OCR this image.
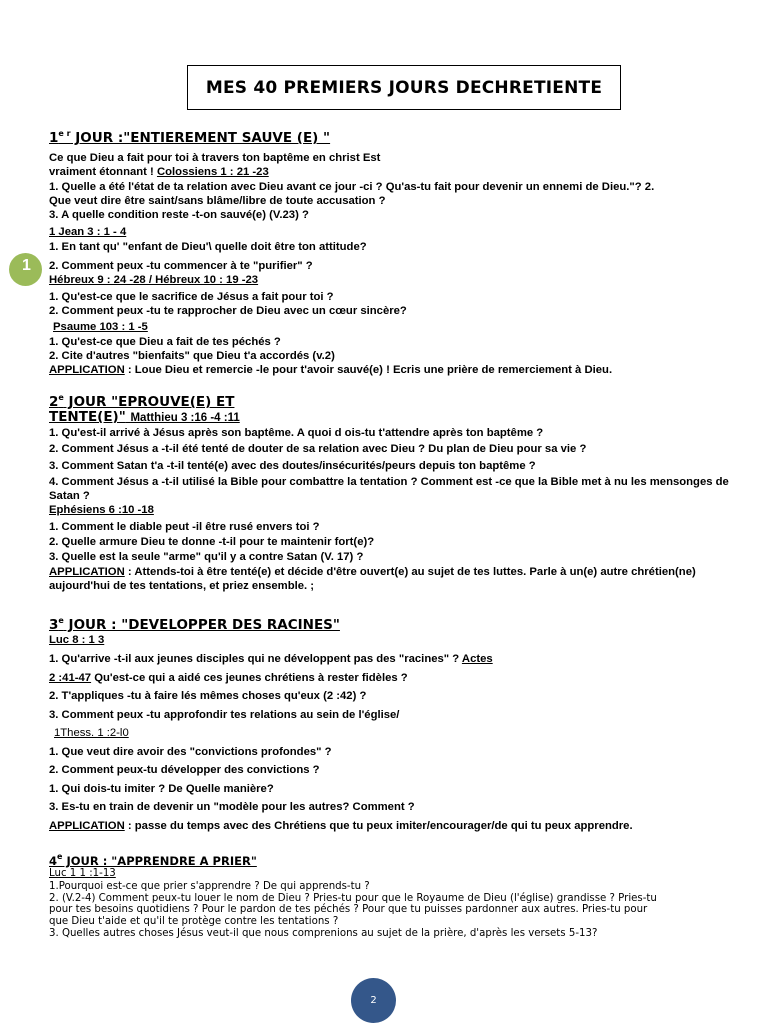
MES 40 PREMIERS JOURS DECHRETIENTE
1
$1^{e r}$ JOUR :"ENTIEREMENT SAUVE (E) "
Ce que Dieu a fait pour toi à travers ton baptême en christ Est
vraiment étonnant ! Colossiens 1 : 21 -23
1. Quelle a été l'état de ta relation avec Dieu avant ce jour -ci ? Qu'as-tu fait pour devenir un ennemi de Dieu."? 2.
Que veut dire être saint/sans blâme/libre de toute accusation ?
3. A quelle condition reste -t-on sauvé(e) (V.23) ?
1 Jean 3 : 1 - 4
1. En tant qu' "enfant de Dieu'\ quelle doit être ton attitude?
2. Comment peux -tu commencer à te "purifier" ?
Hébreux 9 : 24 -28 / Hébreux 10 : 19 -23
1. Qu'est-ce que le sacrifice de Jésus a fait pour toi ?
2. Comment peux -tu te rapprocher de Dieu avec un cœur sincère?
Psaume 103 : 1 -5
1. Qu'est-ce que Dieu a fait de tes péchés ?
2. Cite d'autres "bienfaits" que Dieu t'a accordés (v.2)
APPLICATION : Loue Dieu et remercie -le pour t'avoir sauvé(e) ! Ecris une prière de remerciement à Dieu.
2e JOUR "EPROUVE(E) ET
TENTE(E)" Matthieu 3 :16 -4 :11
1. Qu'est-il arrivé à Jésus après son baptême. A quoi d ois-tu t'attendre après ton baptême ?
2. Comment Jésus a -t-il été tenté de douter de sa relation avec Dieu ? Du plan de Dieu pour sa vie ?
3. Comment Satan t'a -t-il tenté(e) avec des doutes/insécurités/peurs depuis ton baptême ?
4. Comment Jésus a -t-il utilisé la Bible pour combattre la tentation ? Comment est -ce que la Bible met à nu les mensonges de
Satan ?
Ephésiens 6 :10 -18
1. Comment le diable peut -il être rusé envers toi ?
2. Quelle armure Dieu te donne -t-il pour te maintenir fort(e)?
3. Quelle est la seule "arme" qu'il y a contre Satan (V. 17) ?
APPLICATION : Attends-toi à être tenté(e) et décide d'être ouvert(e) au sujet de tes luttes. Parle à un(e) autre chrétien(ne)
aujourd'hui de tes tentations, et priez ensemble. ;
3e JOUR : "DEVELOPPER DES RACINES"
Luc 8 : 1 3
1. Qu'arrive -t-il aux jeunes disciples qui ne développent pas des "racines" ? Actes
2 :41-47 Qu'est-ce qui a aidé ces jeunes chrétiens à rester fidèles ?
2. T'appliques -tu à faire lés mêmes choses qu'eux (2 :42) ?
3. Comment peux -tu approfondir tes relations au sein de l'église/
1Thess. 1 :2-l0
1. Que veut dire avoir des "convictions profondes" ?
2. Comment peux-tu développer des convictions ?
1. Qui dois-tu imiter ? De Quelle manière?
3. Es-tu en train de devenir un "modèle pour les autres? Comment ?
APPLICATION : passe du temps avec des Chrétiens que tu peux imiter/encourager/de qui tu peux apprendre.
4e JOUR : "APPRENDRE A PRIER"
Luc 1 1 :1-13
1.Pourquoi est-ce que prier s'apprendre ? De qui apprends-tu ?
2. (V.2-4) Comment peux-tu louer le nom de Dieu ? Pries-tu pour que le Royaume de Dieu (l'église) grandisse ? Pries-tu
pour tes besoins quotidiens ? Pour le pardon de tes péchés ? Pour que tu puisses pardonner aux autres. Pries-tu pour
que Dieu t'aide et qu'il te protège contre les tentations ?
3. Quelles autres choses Jésus veut-il que nous comprenions au sujet de la prière, d'après les versets 5-13?
2
